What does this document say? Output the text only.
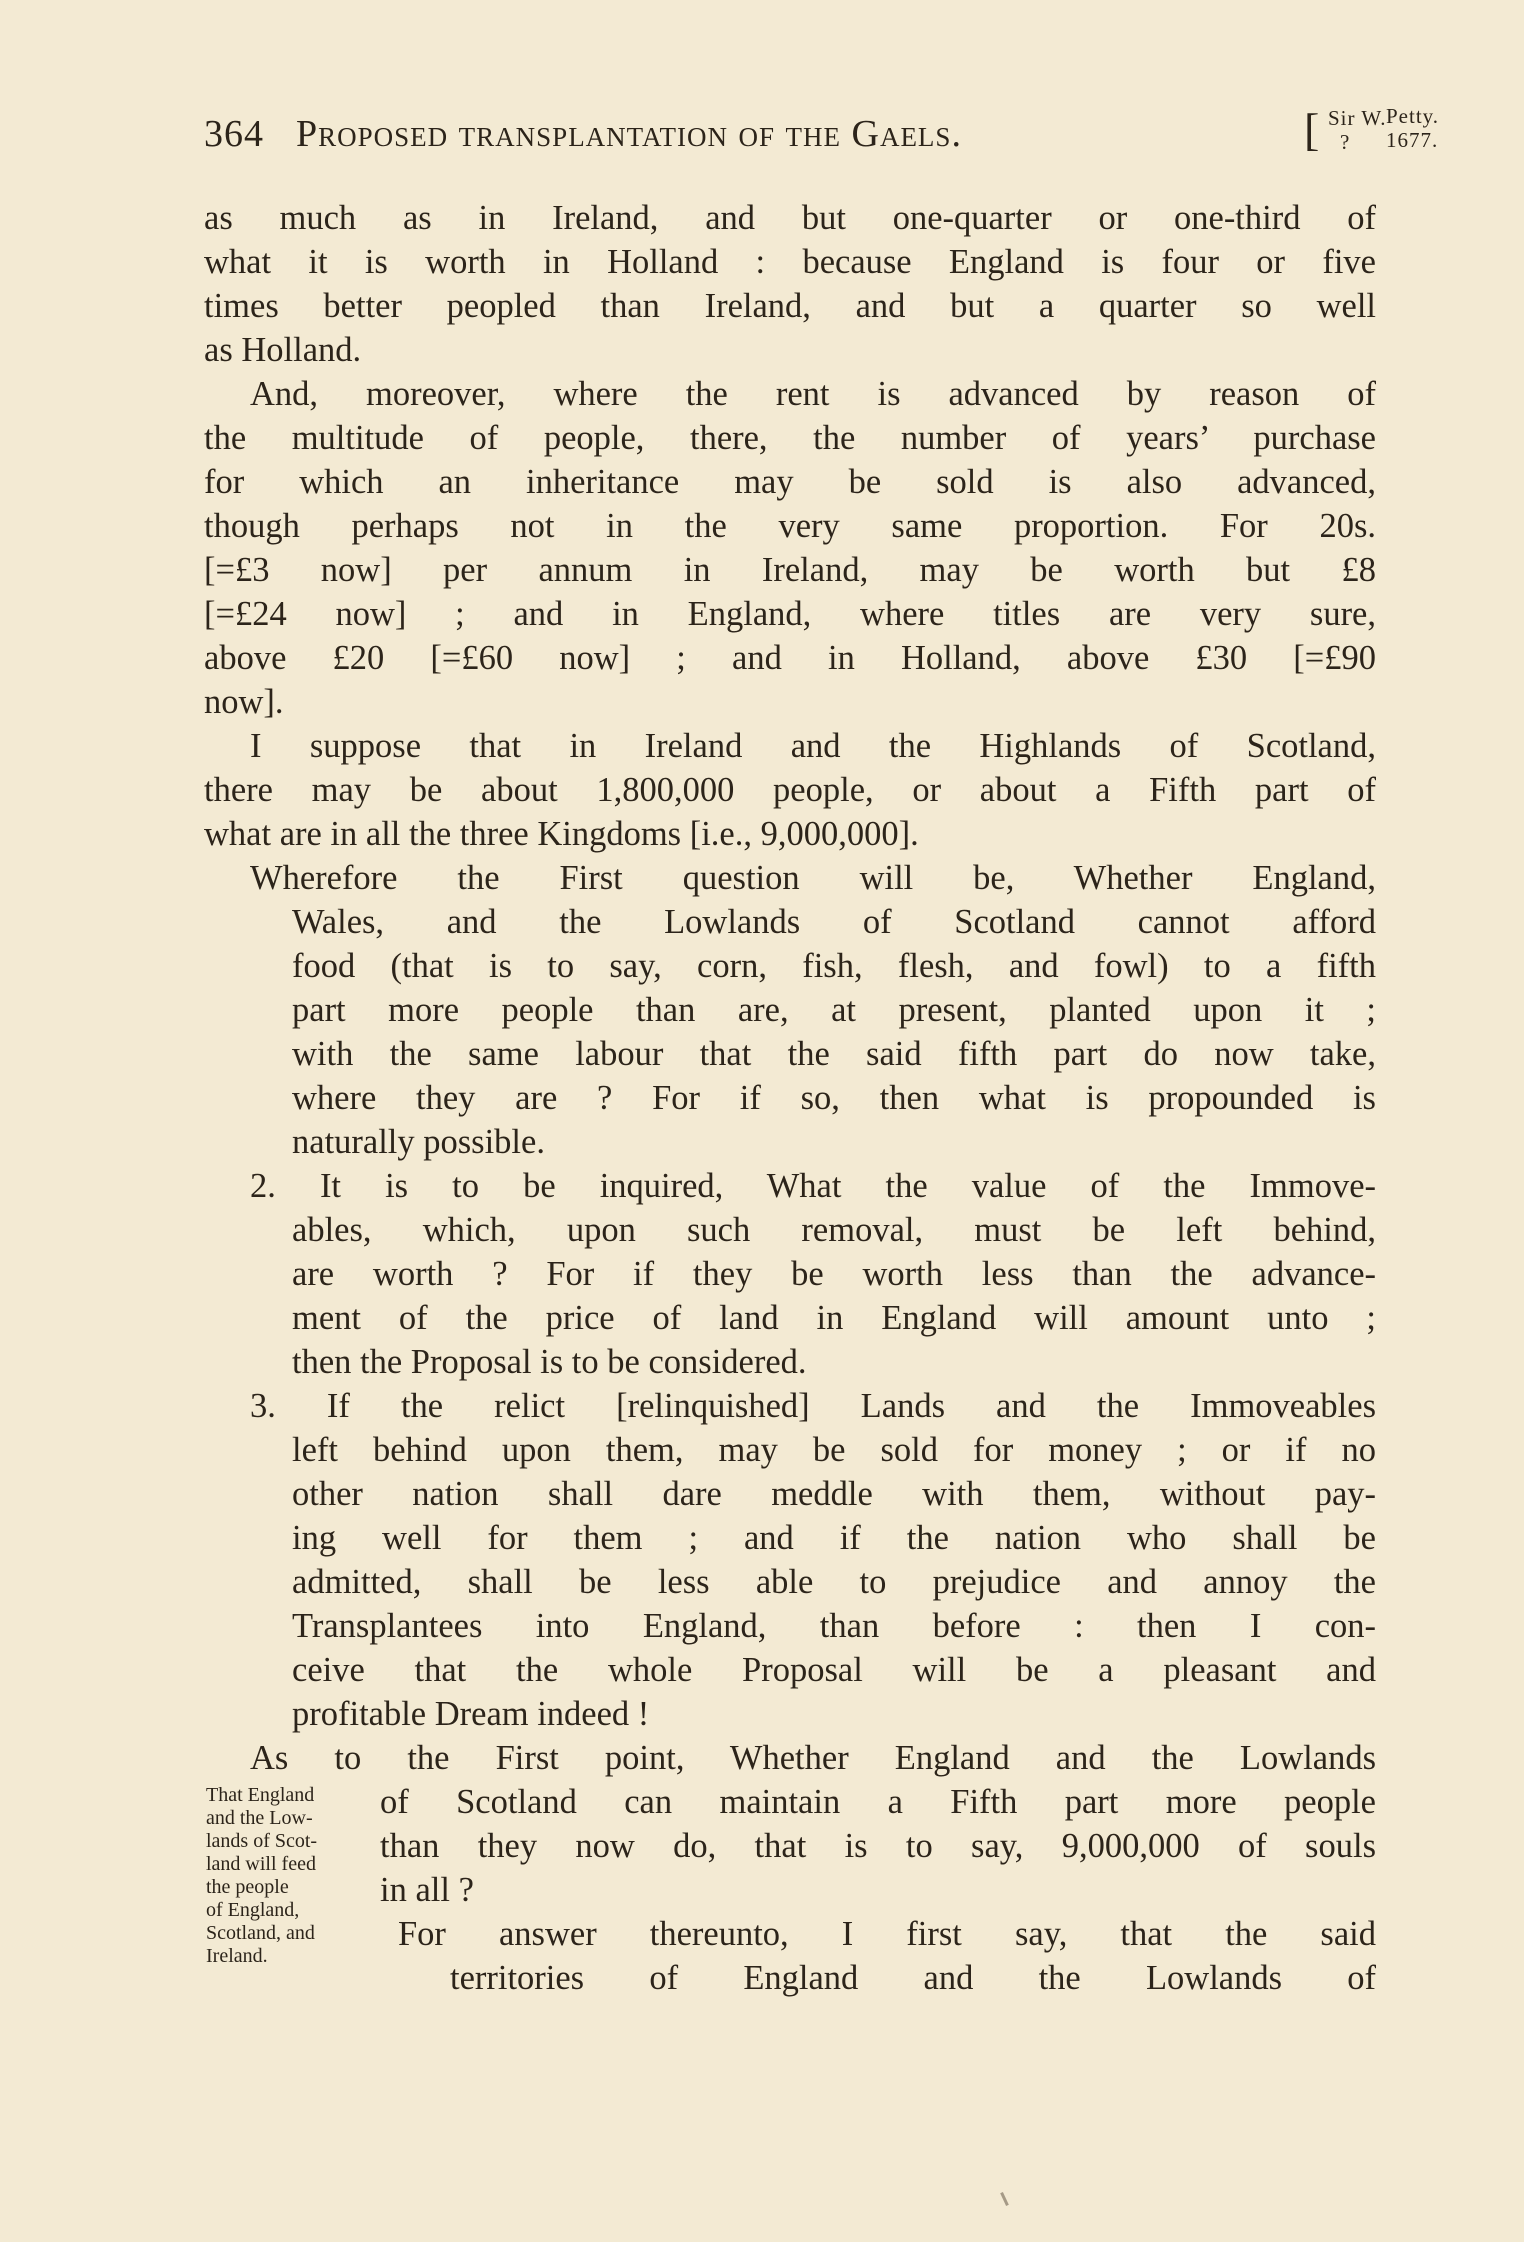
364 Proposed transplantation of the Gaels.	[ Sir W.
?
Petty.
1677.
as much as in Ireland, and but one-quarter or one-third of
what it is worth in Holland : because England is four or five
times better peopled than Ireland, and but a quarter so well
as Holland.
And, moreover, where the rent is advanced by reason of
the multitude of people, there, the number of years’ purchase
for which an inheritance may be sold is also advanced,
though perhaps not in the very same proportion. For 20s.
[=£3 now] per annum in Ireland, may be worth but £8
[=£24 now] ; and in England, where titles are very sure,
above £20 [=£60 now] ; and in Holland, above £30 [=£90
now].
I suppose that in Ireland and the Highlands of Scotland,
there may be about 1,800,000 people, or about a Fifth part of
what are in all the three Kingdoms [i.e., 9,000,000].
Wherefore the First question will be, Whether England,
Wales, and the Lowlands of Scotland cannot afford
food (that is to say, corn, fish, flesh, and fowl) to a fifth
part more people than are, at present, planted upon it ;
with the same labour that the said fifth part do now take,
where they are ? For if so, then what is propounded is
naturally possible.
2. It is to be inquired, What the value of the Immove-
ables, which, upon such removal, must be left behind,
are worth ? For if they be worth less than the advance-
ment of the price of land in England will amount unto ;
then the Proposal is to be considered.
3. If the relict [relinquished] Lands and the Immoveables
left behind upon them, may be sold for money ; or if no
other nation shall dare meddle with them, without pay-
ing well for them ; and if the nation who shall be
admitted, shall be less able to prejudice and annoy the
Transplantees into England, than before : then I con-
ceive that the whole Proposal will be a pleasant and
profitable Dream indeed !
As to the First point, Whether England and the Lowlands
of Scotland can maintain a Fifth part more people
than they now do, that is to say, 9,000,000 of souls
in all ?
For answer thereunto, I first say, that the said
territories of England and the Lowlands of
That England
and the Low-
lands of Scot-
land will feed
the people
of England,
Scotland, and
Ireland.
